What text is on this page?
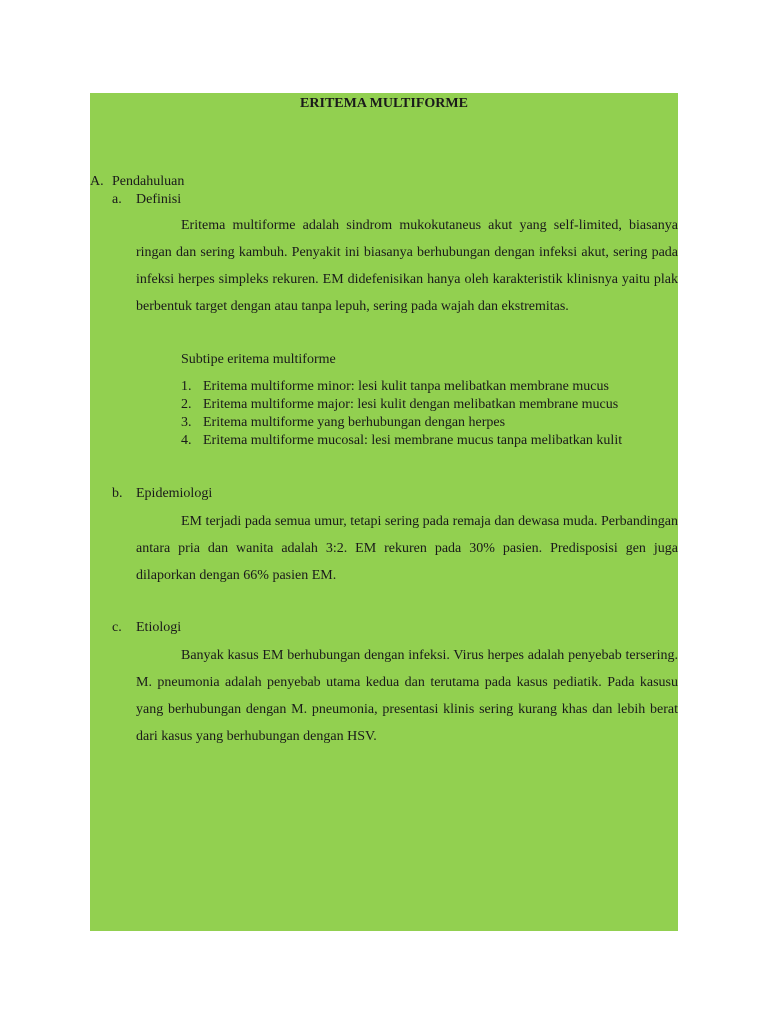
ERITEMA MULTIFORME
A. Pendahuluan
a. Definisi

Eritema multiforme adalah sindrom mukokutaneus akut yang self-limited, biasanya ringan dan sering kambuh. Penyakit ini biasanya berhubungan dengan infeksi akut, sering pada infeksi herpes simpleks rekuren. EM didefenisikan hanya oleh karakteristik klinisnya yaitu plak berbentuk target dengan atau tanpa lepuh, sering pada wajah dan ekstremitas.

Subtipe eritema multiforme
1. Eritema multiforme minor: lesi kulit tanpa melibatkan membrane mucus
2. Eritema multiforme major: lesi kulit dengan melibatkan membrane mucus
3. Eritema multiforme yang berhubungan dengan herpes
4. Eritema multiforme mucosal: lesi membrane mucus tanpa melibatkan kulit
b. Epidemiologi

EM terjadi pada semua umur, tetapi sering pada remaja dan dewasa muda. Perbandingan antara pria dan wanita adalah 3:2. EM rekuren pada 30% pasien. Predisposisi gen juga dilaporkan dengan 66% pasien EM.

c. Etiologi

Banyak kasus EM berhubungan dengan infeksi. Virus herpes adalah penyebab tersering. M. pneumonia adalah penyebab utama kedua dan terutama pada kasus pediatik. Pada kasusu yang berhubungan dengan M. pneumonia, presentasi klinis sering kurang khas dan lebih berat dari kasus yang berhubungan dengan HSV.
